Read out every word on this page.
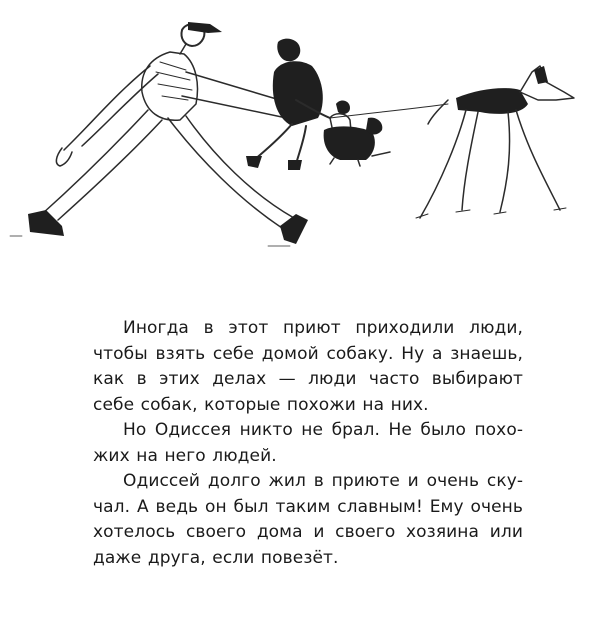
Иногда в этот приют приходили люди, чтобы взять себе домой собаку. Ну а знаешь, как в этих делах — люди часто выбирают себе собак, которые похожи на них.

Но Одиссея никто не брал. Не было похожих на него людей.

Одиссей долго жил в приюте и очень скучал. А ведь он был таким славным! Ему очень хотелось своего дома и своего хозяина или даже друга, если повезёт.
